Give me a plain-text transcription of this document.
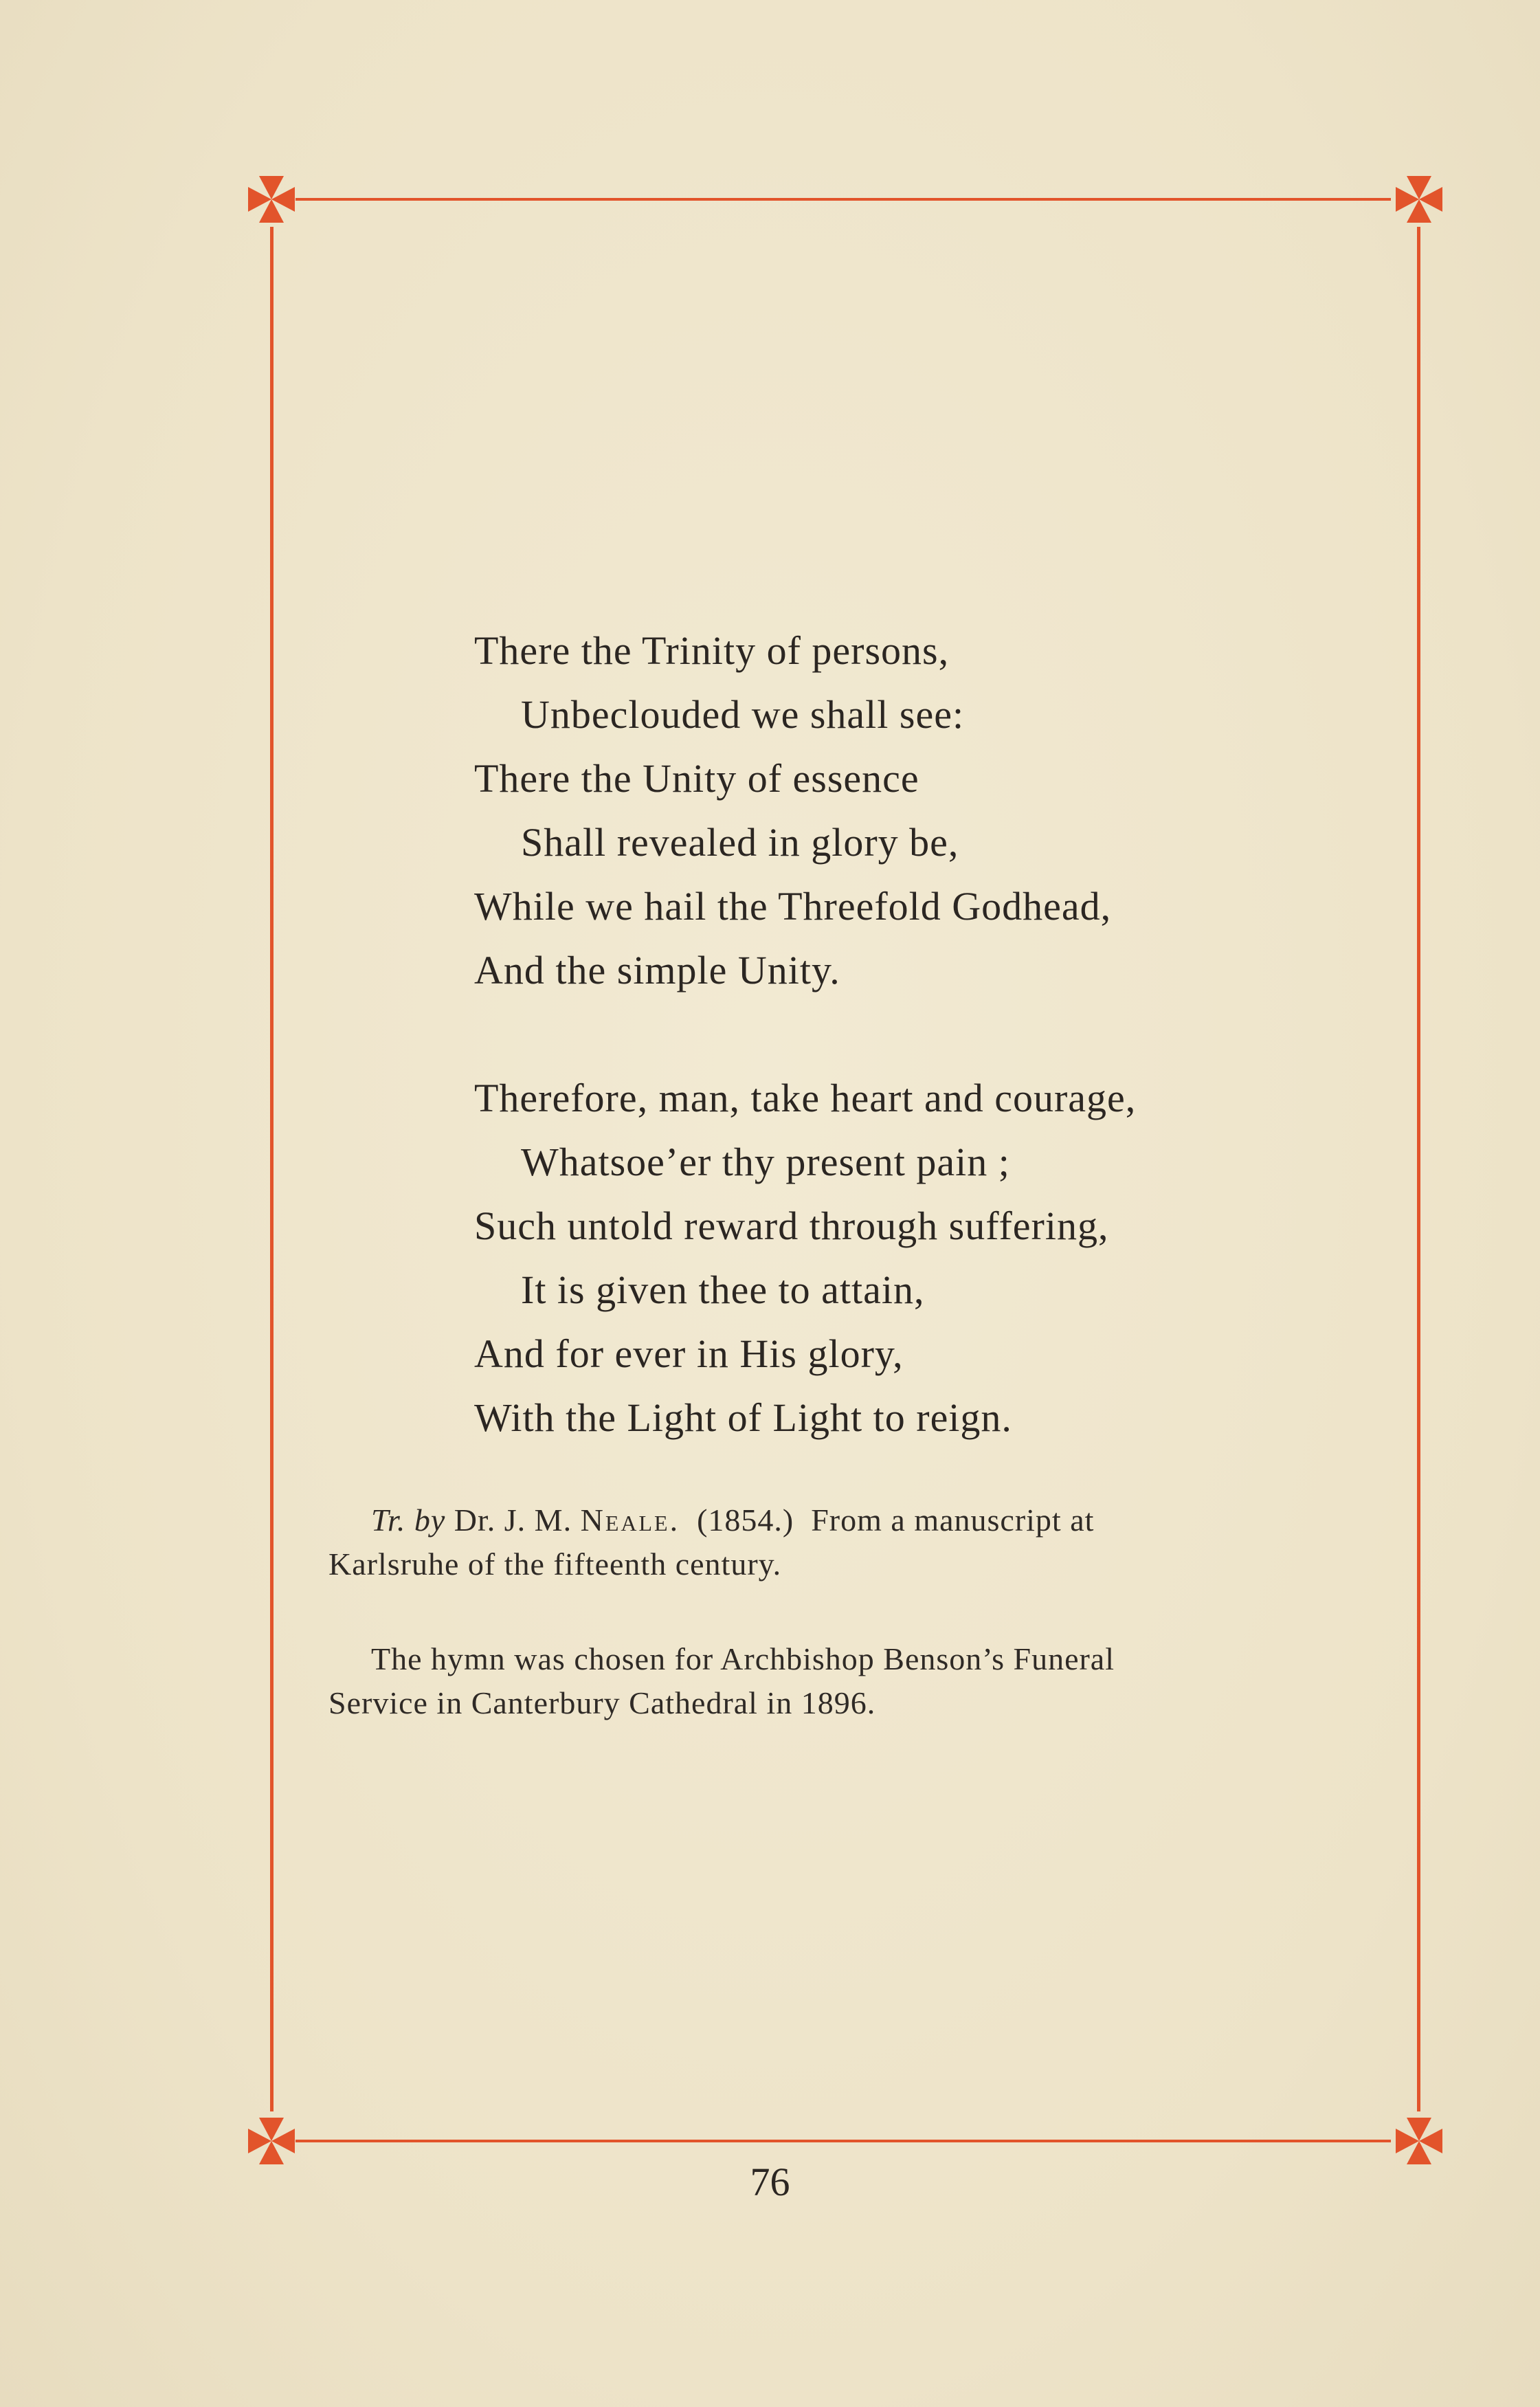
There the Trinity of persons,
Unbeclouded we shall see:
There the Unity of essence
Shall revealed in glory be,
While we hail the Threefold Godhead,
And the simple Unity.
Therefore, man, take heart and courage,
Whatsoe’er thy present pain ;
Such untold reward through suffering,
It is given thee to attain,
And for ever in His glory,
With the Light of Light to reign.
Tr. by Dr. J. M. Neale. (1854.) From a manuscript at
Karlsruhe of the fifteenth century.
The hymn was chosen for Archbishop Benson’s Funeral
Service in Canterbury Cathedral in 1896.
76
